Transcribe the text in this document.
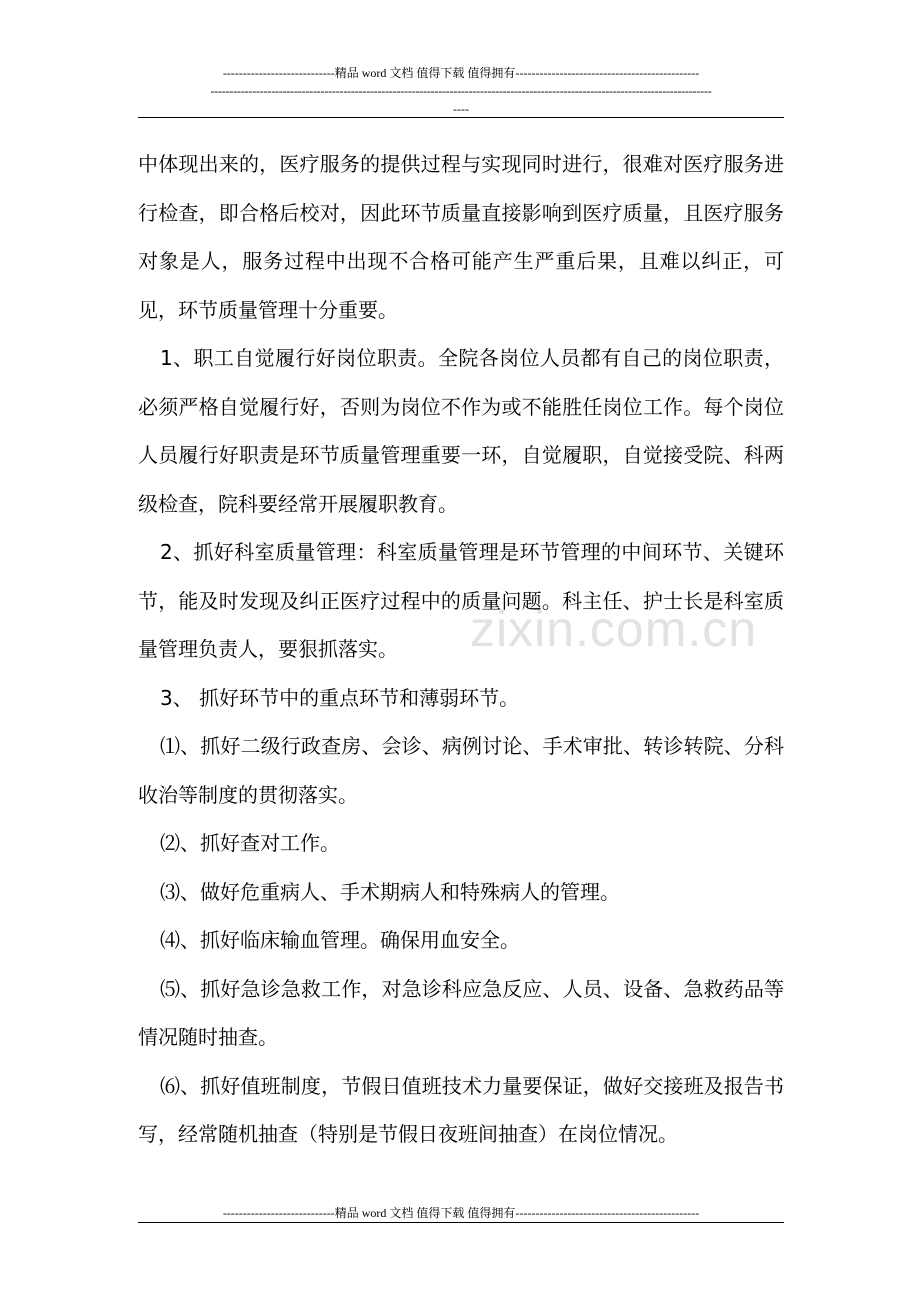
----------------------------精品 word 文档 值得下载 值得拥有----------------------------------------------
------------------------------------------------------------------------------------------------------------------------------------
----

中体现出来的，医疗服务的提供过程与实现同时进行，很难对医疗服务进行检查，即合格后校对，因此环节质量直接影响到医疗质量，且医疗服务对象是人，服务过程中出现不合格可能产生严重后果，且难以纠正，可见，环节质量管理十分重要。

1、职工自觉履行好岗位职责。全院各岗位人员都有自己的岗位职责，必须严格自觉履行好，否则为岗位不作为或不能胜任岗位工作。每个岗位人员履行好职责是环节质量管理重要一环，自觉履职，自觉接受院、科两级检查，院科要经常开展履职教育。

2、抓好科室质量管理：科室质量管理是环节管理的中间环节、关键环节，能及时发现及纠正医疗过程中的质量问题。科主任、护士长是科室质量管理负责人，要狠抓落实。

3、 抓好环节中的重点环节和薄弱环节。

⑴、抓好二级行政查房、会诊、病例讨论、手术审批、转诊转院、分科收治等制度的贯彻落实。

⑵、抓好查对工作。

⑶、做好危重病人、手术期病人和特殊病人的管理。

⑷、抓好临床输血管理。确保用血安全。

⑸、抓好急诊急救工作，对急诊科应急反应、人员、设备、急救药品等情况随时抽查。

⑹、抓好值班制度，节假日值班技术力量要保证，做好交接班及报告书写，经常随机抽查（特别是节假日夜班间抽查）在岗位情况。

zixin.com.cn
----------------------------精品 word 文档 值得下载 值得拥有----------------------------------------------
